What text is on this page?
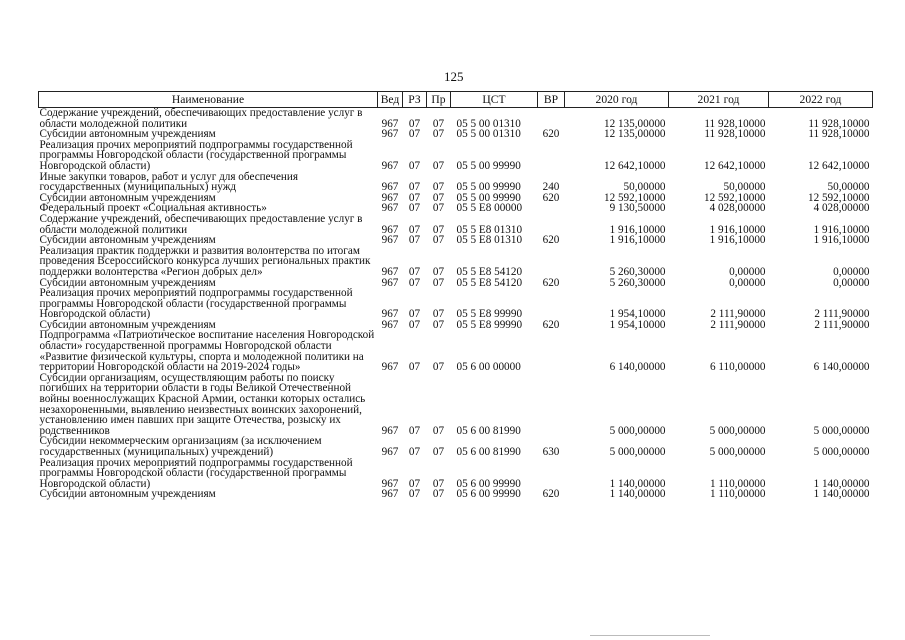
125
Наименование	Вед	РЗ	Пр	ЦСТ	ВР	2020 год	2021 год	2022 год
Содержание учреждений, обеспечивающих предоставление услуг в области молодежной политики	967	07	07	05 5 00 01310		12 135,00000	11 928,10000	11 928,10000
Субсидии автономным учреждениям	967	07	07	05 5 00 01310	620	12 135,00000	11 928,10000	11 928,10000
Реализация прочих мероприятий подпрограммы государственной программы Новгородской области (государственной программы Новгородской области)	967	07	07	05 5 00 99990		12 642,10000	12 642,10000	12 642,10000
Иные закупки товаров, работ и услуг для обеспечения государственных (муниципальных) нужд	967	07	07	05 5 00 99990	240	50,00000	50,00000	50,00000
Субсидии автономным учреждениям	967	07	07	05 5 00 99990	620	12 592,10000	12 592,10000	12 592,10000
Федеральный проект «Социальная активность»	967	07	07	05 5 E8 00000		9 130,50000	4 028,00000	4 028,00000
Содержание учреждений, обеспечивающих предоставление услуг в области молодежной политики	967	07	07	05 5 E8 01310		1 916,10000	1 916,10000	1 916,10000
Субсидии автономным учреждениям	967	07	07	05 5 E8 01310	620	1 916,10000	1 916,10000	1 916,10000
Реализация практик поддержки и развития волонтерства по итогам проведения Всероссийского конкурса лучших региональных практик поддержки волонтерства «Регион добрых дел»	967	07	07	05 5 E8 54120		5 260,30000	0,00000	0,00000
Субсидии автономным учреждениям	967	07	07	05 5 E8 54120	620	5 260,30000	0,00000	0,00000
Реализация прочих мероприятий подпрограммы государственной программы Новгородской области (государственной программы Новгородской области)	967	07	07	05 5 E8 99990		1 954,10000	2 111,90000	2 111,90000
Субсидии автономным учреждениям	967	07	07	05 5 E8 99990	620	1 954,10000	2 111,90000	2 111,90000
Подпрограмма «Патриотическое воспитание населения Новгородской области» государственной программы Новгородской области «Развитие физической культуры, спорта и молодежной политики на территории Новгородской области на 2019-2024 годы»	967	07	07	05 6 00 00000		6 140,00000	6 110,00000	6 140,00000
Субсидии организациям, осуществляющим работы по поиску погибших на территории области в годы Великой Отечественной войны военнослужащих Красной Армии, останки которых остались незахороненными, выявлению неизвестных воинских захоронений, установлению имен павших при защите Отечества, розыску их родственников	967	07	07	05 6 00 81990		5 000,00000	5 000,00000	5 000,00000
Субсидии некоммерческим организациям (за исключением государственных (муниципальных) учреждений)	967	07	07	05 6 00 81990	630	5 000,00000	5 000,00000	5 000,00000
Реализация прочих мероприятий подпрограммы государственной программы Новгородской области (государственной программы Новгородской области)	967	07	07	05 6 00 99990		1 140,00000	1 110,00000	1 140,00000
Субсидии автономным учреждениям	967	07	07	05 6 00 99990	620	1 140,00000	1 110,00000	1 140,00000
